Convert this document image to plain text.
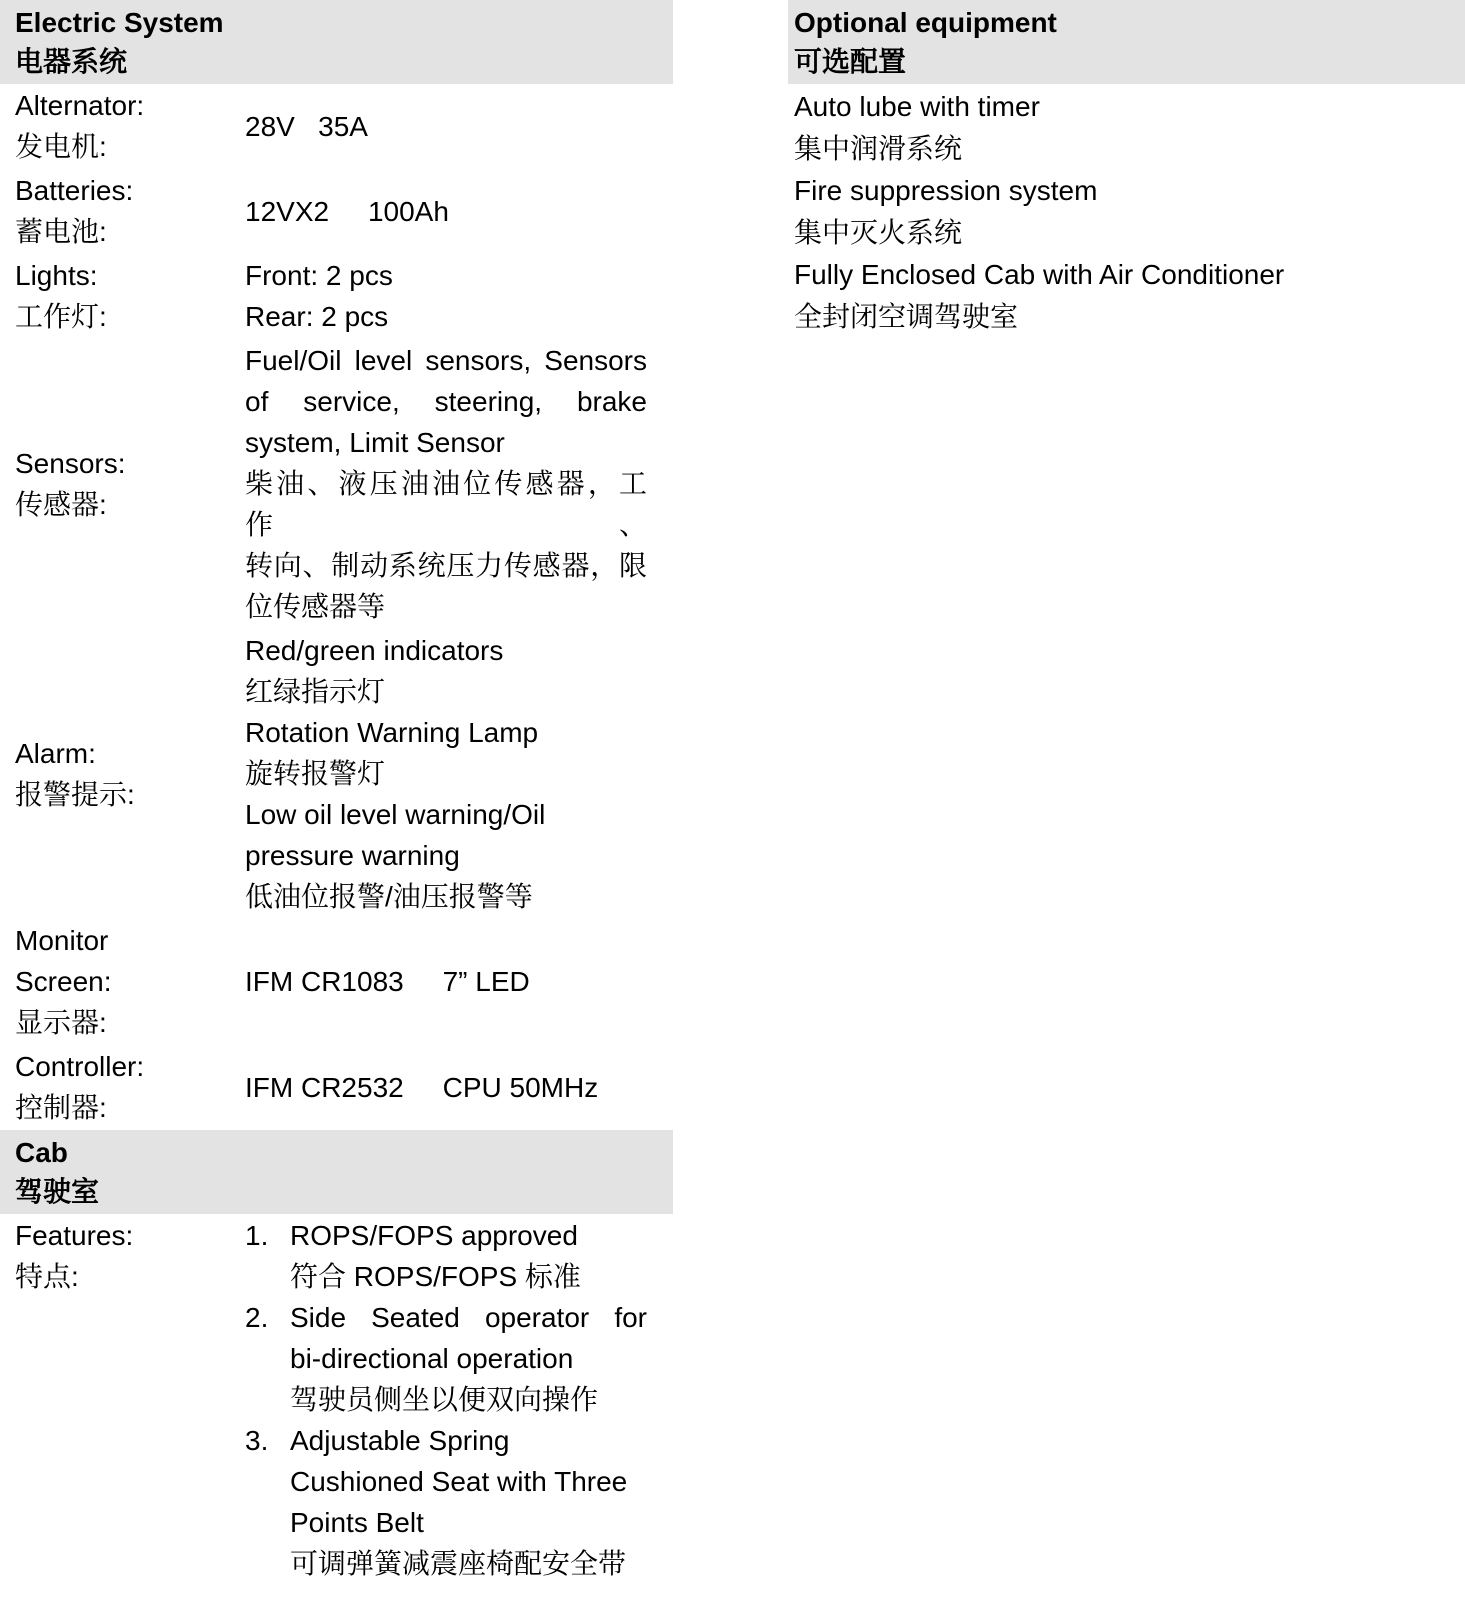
Electric System
电器系统
Alternator:
发电机:
28V   35A
Batteries:
蓄电池:
12VX2     100Ah
Lights:
工作灯:
Front: 2 pcs
Rear: 2 pcs
Sensors:
传感器:
Fuel/Oil level sensors, Sensors
of service, steering, brake
system, Limit Sensor
柴油、液压油油位传感器，工作、
转向、制动系统压力传感器，限
位传感器等
Alarm:
报警提示:
Red/green indicators
红绿指示灯
Rotation Warning Lamp
旋转报警灯
Low oil level warning/Oil
pressure warning
低油位报警/油压报警等
Monitor
Screen:
显示器:
IFM CR1083     7” LED
Controller:
控制器:
IFM CR2532     CPU 50MHz
Cab
驾驶室
Features:
特点:
1. ROPS/FOPS approved
符合 ROPS/FOPS 标准
2. Side Seated operator for
bi-directional operation
驾驶员侧坐以便双向操作
3. Adjustable Spring
Cushioned Seat with Three
Points Belt
可调弹簧减震座椅配安全带
Optional equipment
可选配置
Auto lube with timer
集中润滑系统
Fire suppression system
集中灭火系统
Fully Enclosed Cab with Air Conditioner
全封闭空调驾驶室
